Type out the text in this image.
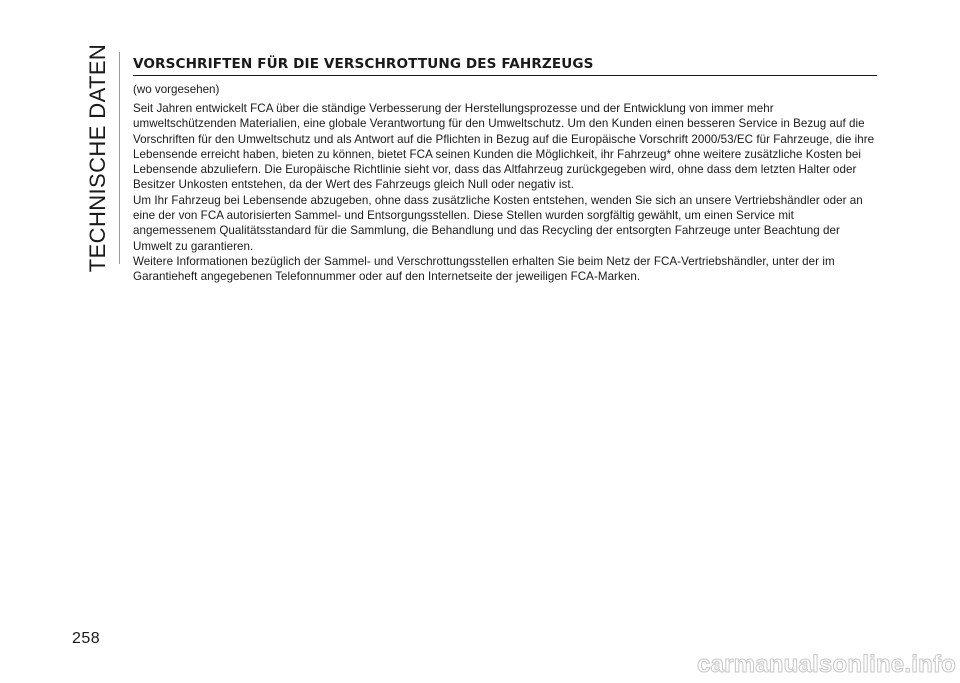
TECHNISCHE DATEN
258
VORSCHRIFTEN FÜR DIE VERSCHROTTUNG DES FAHRZEUGS
(wo vorgesehen)

Seit Jahren entwickelt FCA über die ständige Verbesserung der Herstellungsprozesse und der Entwicklung von immer mehr umweltschützenden Materialien, eine globale Verantwortung für den Umweltschutz. Um den Kunden einen besseren Service in Bezug auf die Vorschriften für den Umweltschutz und als Antwort auf die Pflichten in Bezug auf die Europäische Vorschrift 2000/53/EC für Fahrzeuge, die ihre Lebensende erreicht haben, bieten zu können, bietet FCA seinen Kunden die Möglichkeit, ihr Fahrzeug* ohne weitere zusätzliche Kosten bei Lebensende abzuliefern. Die Europäische Richtlinie sieht vor, dass das Altfahrzeug zurückgegeben wird, ohne dass dem letzten Halter oder Besitzer Unkosten entstehen, da der Wert des Fahrzeugs gleich Null oder negativ ist.

Um Ihr Fahrzeug bei Lebensende abzugeben, ohne dass zusätzliche Kosten entstehen, wenden Sie sich an unsere Vertriebshändler oder an eine der von FCA autorisierten Sammel- und Entsorgungsstellen. Diese Stellen wurden sorgfältig gewählt, um einen Service mit angemessenem Qualitätsstandard für die Sammlung, die Behandlung und das Recycling der entsorgten Fahrzeuge unter Beachtung der Umwelt zu garantieren.

Weitere Informationen bezüglich der Sammel- und Verschrottungsstellen erhalten Sie beim Netz der FCA-Vertriebshändler, unter der im Garantieheft angegebenen Telefonnummer oder auf den Internetseite der jeweiligen FCA-Marken.

carmanualsonline.info
